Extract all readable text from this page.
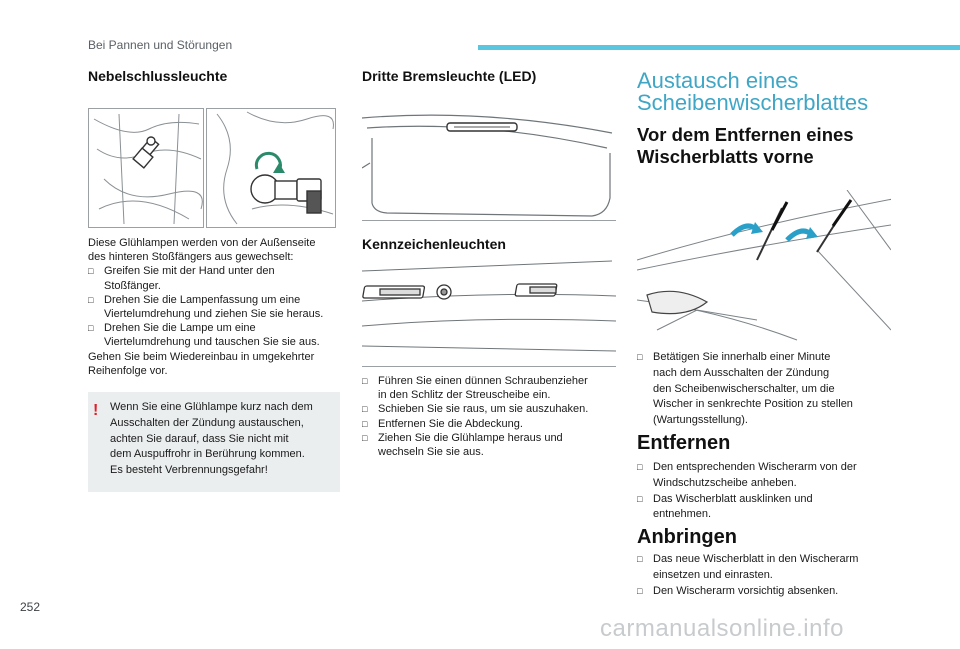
Bei Pannen und Störungen
Nebelschlussleuchte

Diese Glühlampen werden von der Außenseite

des hinteren Stoßfängers aus gewechselt:

□ Greifen Sie mit der Hand unter den
Stoßfänger.
□ Drehen Sie die Lampenfassung um eine
Viertelumdrehung und ziehen Sie sie heraus.
□ Drehen Sie die Lampe um eine
Viertelumdrehung und tauschen Sie sie aus.

Gehen Sie beim Wiedereinbau in umgekehrter

Reihenfolge vor.

! Wenn Sie eine Glühlampe kurz nach dem
Ausschalten der Zündung austauschen,
achten Sie darauf, dass Sie nicht mit
dem Auspuffrohr in Berührung kommen.
Es besteht Verbrennungsgefahr!
Dritte Bremsleuchte (LED)
Kennzeichenleuchten
□ Führen Sie einen dünnen Schraubenzieher
in den Schlitz der Streuscheibe ein.
□ Schieben Sie sie raus, um sie auszuhaken.
□ Entfernen Sie die Abdeckung.
□ Ziehen Sie die Glühlampe heraus und
wechseln Sie sie aus.
Austausch eines
Scheibenwischerblattes
Vor dem Entfernen eines
Wischerblatts vorne
□ Betätigen Sie innerhalb einer Minute
nach dem Ausschalten der Zündung
den Scheibenwischerschalter, um die
Wischer in senkrechte Position zu stellen
(Wartungsstellung).
Entfernen
□ Den entsprechenden Wischerarm von der
Windschutzscheibe anheben.
□ Das Wischerblatt ausklinken und
entnehmen.
Anbringen
□ Das neue Wischerblatt in den Wischerarm
einsetzen und einrasten.
□ Den Wischerarm vorsichtig absenken.
252
carmanualsonline.info
